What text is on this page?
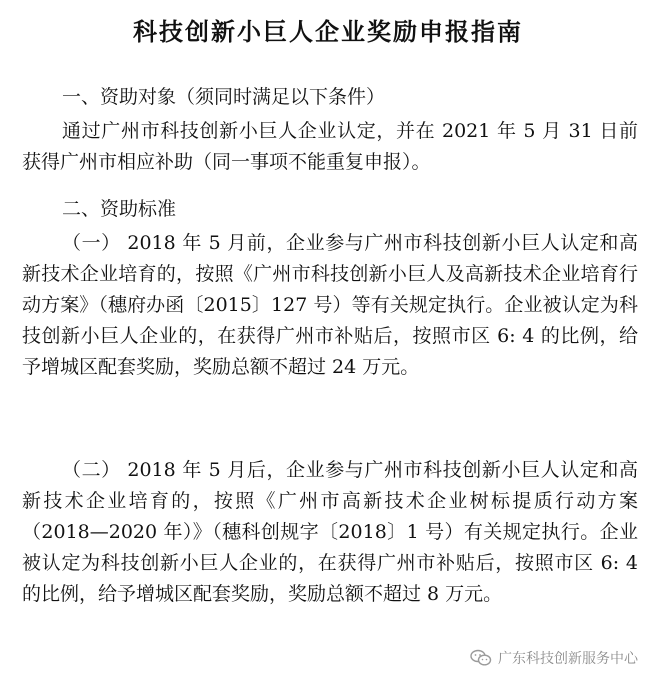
科技创新小巨人企业奖励申报指南

一、资助对象（须同时满足以下条件）

通过广州市科技创新小巨人企业认定，并在 2021 年 5 月 31 日前获得广州市相应补助（同一事项不能重复申报）。

二、资助标准

（一） 2018 年 5 月前，企业参与广州市科技创新小巨人认定和高新技术企业培育的，按照《广州市科技创新小巨人及高新技术企业培育行动方案》（穗府办函〔2015〕127 号）等有关规定执行。企业被认定为科技创新小巨人企业的，在获得广州市补贴后，按照市区 6: 4 的比例，给予增城区配套奖励，奖励总额不超过 24 万元。

（二） 2018 年 5 月后，企业参与广州市科技创新小巨人认定和高新技术企业培育的，按照《广州市高新技术企业树标提质行动方案（2018—2020 年）》（穗科创规字〔2018〕1 号）有关规定执行。企业被认定为科技创新小巨人企业的，在获得广州市补贴后，按照市区 6: 4 的比例，给予增城区配套奖励，奖励总额不超过 8 万元。

广东科技创新服务中心
